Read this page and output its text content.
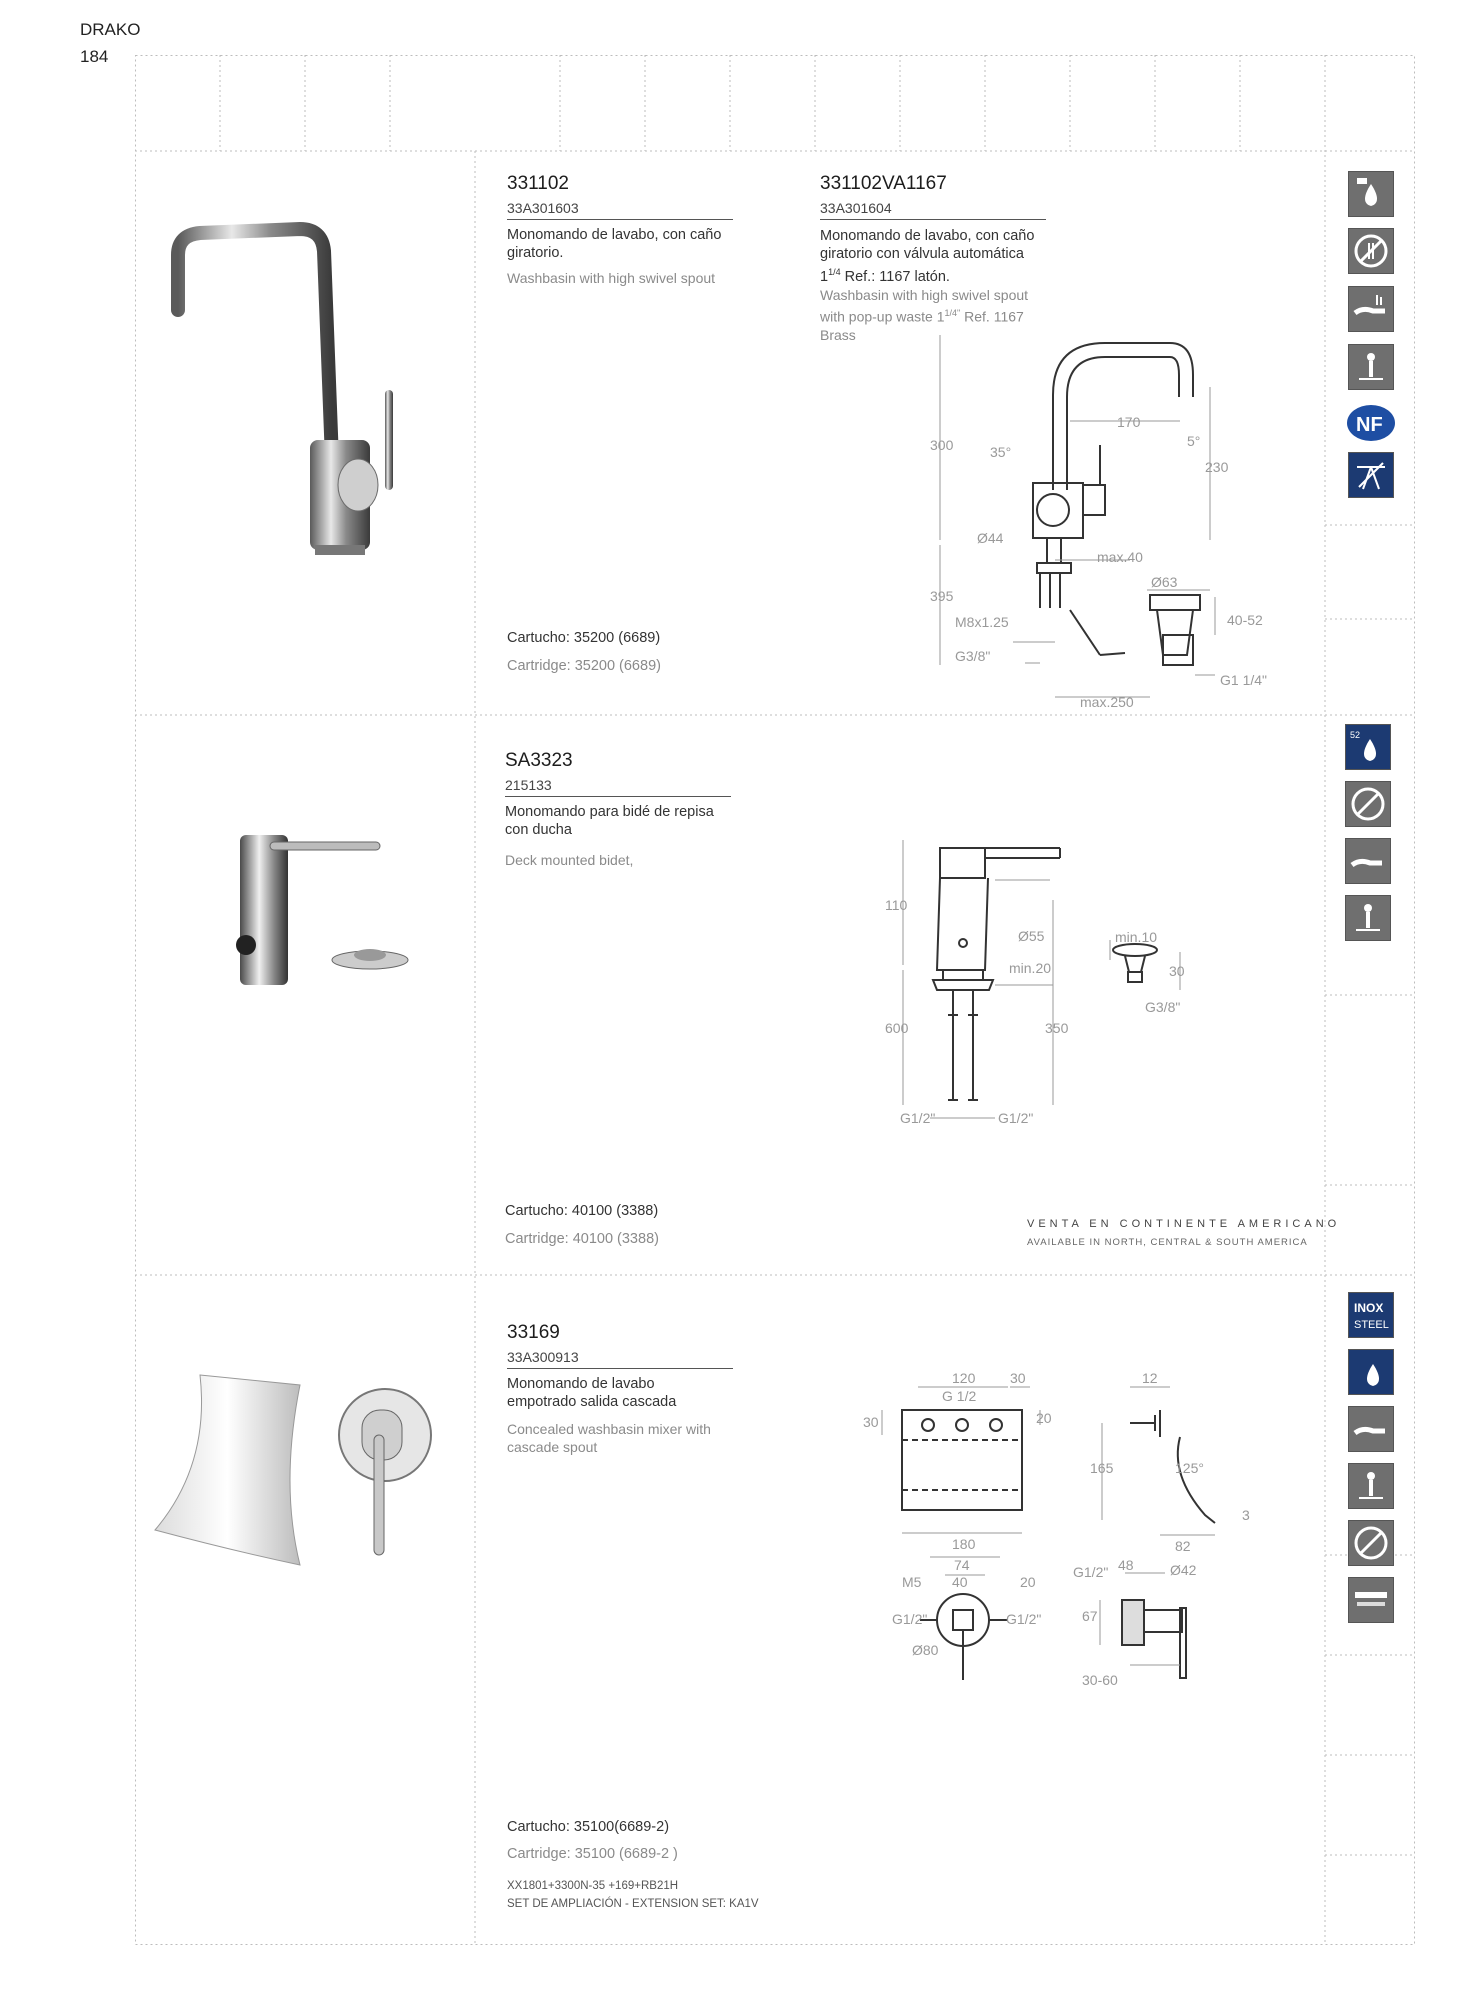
DRAKO
184
331102
33A301603
Monomando de lavabo, con caño giratorio.
Washbasin with high swivel spout
Cartucho: 35200 (6689)
Cartridge: 35200 (6689)
331102VA1167
33A301604
Monomando de lavabo, con caño giratorio con válvula automática
$1^{1/4}$ Ref.: 1167 latón.
Washbasin with high swivel spout
with pop-up waste $1^{1/4"}$ Ref. 1167
Brass
300	35°
170
5°
230
Ø44
max.40
Ø63
395
M8x1.25	40-52
G3/8"
G1 1/4"
max.250
NF
SA3323
215133
Monomando para bidé de repisa con ducha
Deck mounted bidet,
Cartucho: 40100 (3388)
Cartridge: 40100 (3388)
110
Ø55	min.10
min.20	30
G3/8"
600	350
G1/2"	G1/2"
VENTA EN CONTINENTE AMERICANO
AVAILABLE IN NORTH, CENTRAL & SOUTH AMERICA
52
33169
33A300913
Monomando de lavabo empotrado salida cascada
Concealed washbasin mixer with cascade spout
Cartucho: 35100(6689-2)
Cartridge: 35100 (6689-2 )
XX1801+3300N-35 +169+RB21H
SET DE AMPLIACIÓN - EXTENSION SET: KA1V
120 30
G 1/2
30	20
180
12
165	125°
3
82
74
M5 40	20
G1/2" 48	Ø42
G1/2"	G1/2"	67
Ø80
30-60
INOX
STEEL
